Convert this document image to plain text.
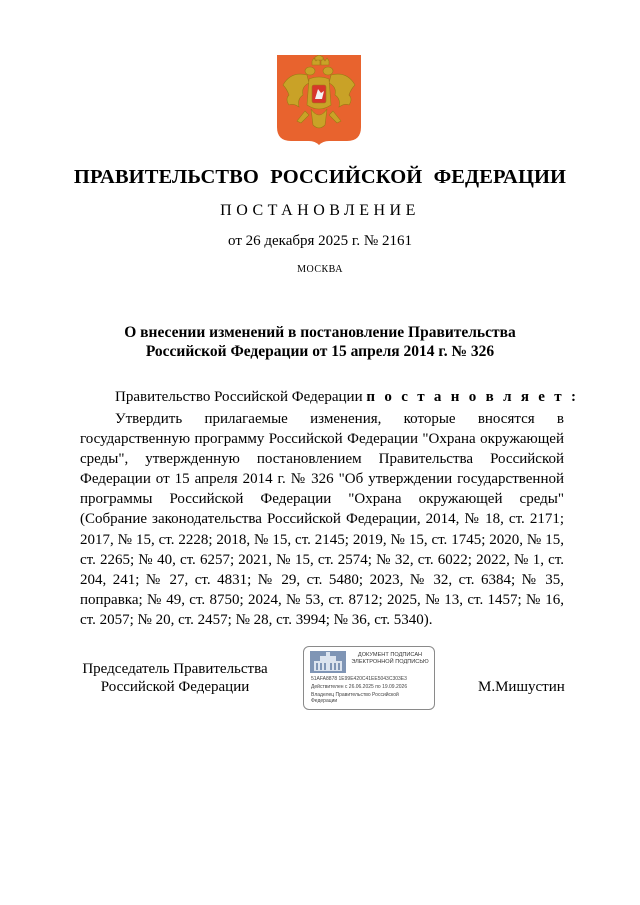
ПРАВИТЕЛЬСТВО РОССИЙСКОЙ ФЕДЕРАЦИИ
ПОСТАНОВЛЕНИЕ
от 26 декабря 2025 г. № 2161
МОСКВА
О внесении изменений в постановление Правительства
Российской Федерации от 15 апреля 2014 г. № 326
Правительство Российской Федерации п о с т а н о в л я е т :
Утвердить прилагаемые изменения, которые вносятся в государственную программу Российской Федерации "Охрана окружающей среды", утвержденную постановлением Правительства Российской Федерации от 15 апреля 2014 г. № 326 "Об утверждении государственной программы Российской Федерации "Охрана окружающей среды" (Собрание законодательства Российской Федерации, 2014, № 18, ст. 2171; 2017, № 15, ст. 2228; 2018, № 15, ст. 2145; 2019, № 15, ст. 1745; 2020, № 15, ст. 2265; № 40, ст. 6257; 2021, № 15, ст. 2574; № 32, ст. 6022; 2022, № 1, ст. 204, 241; № 27, ст. 4831; № 29, ст. 5480; 2023, № 32, ст. 6384; № 35, поправка; № 49, ст. 8750; 2024, № 53, ст. 8712; 2025, № 13, ст. 1457; № 16, ст. 2057; № 20, ст. 2457; № 28, ст. 3994; № 36, ст. 5340).
Председатель Правительства
Российской Федерации
ДОКУМЕНТ ПОДПИСАН
ЭЛЕКТРОННОЙ ПОДПИСЬЮ
51AFA8878 1E99E420C41EE5043C303E3
Действителен с 26.06.2025 по 19.09.2026
Владелец Правительство Российской
Федерации
М.Мишустин
